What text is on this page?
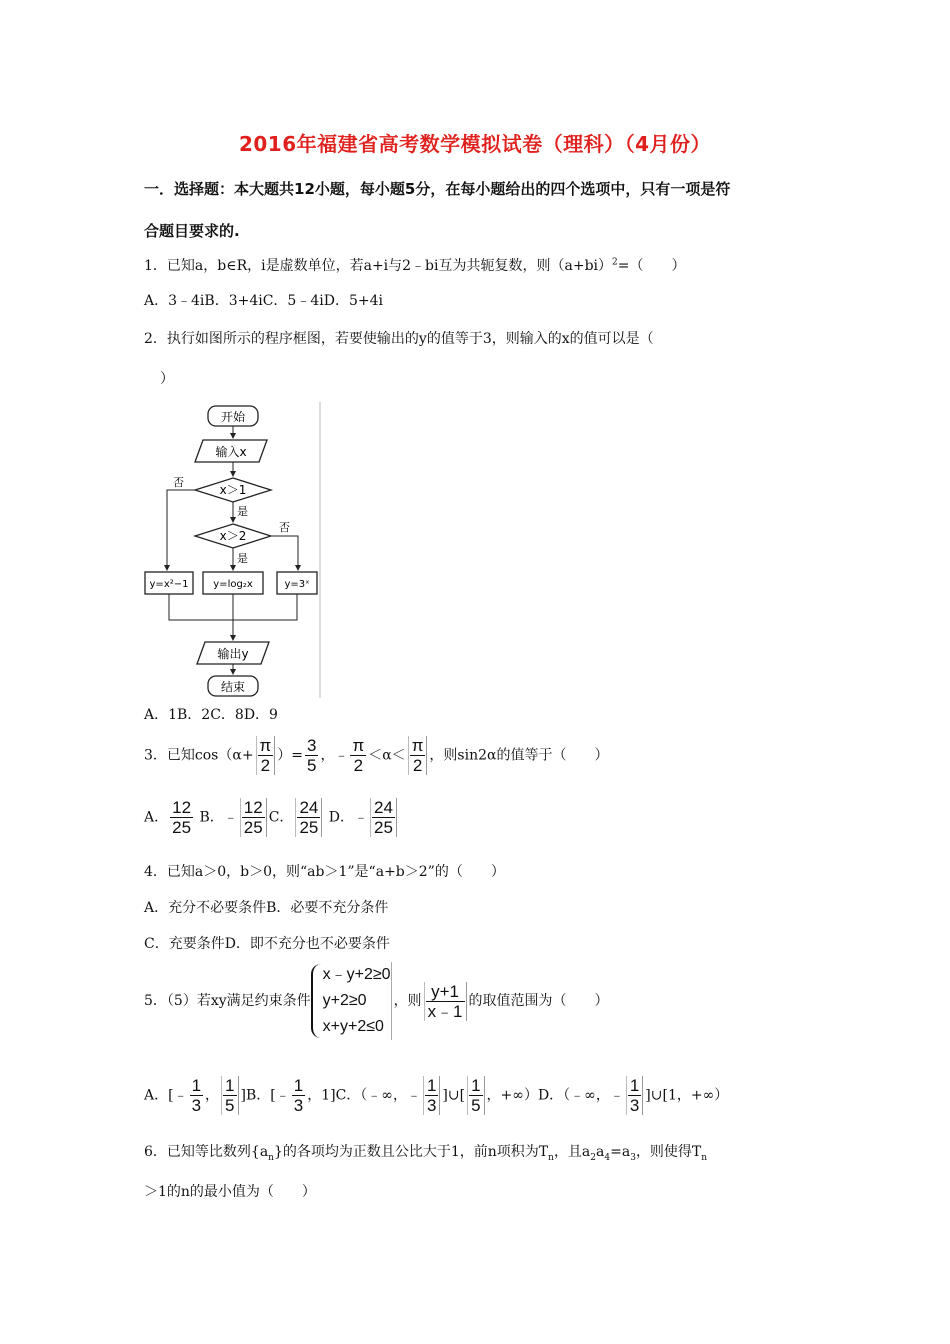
2016年福建省高考数学模拟试卷（理科）（4月份）
一．选择题：本大题共12小题，每小题5分，在每小题给出的四个选项中，只有一项是符
合题目要求的.
1．已知a，b∈R，i是虚数单位，若a+i与2﹣bi互为共轭复数，则$(a+bi)^2=$（　　）
A．3﹣4iB．3+4iC．5﹣4iD．5+4i
2．执行如图所示的程序框图，若要使输出的y的值等于3，则输入的x的值可以是（
）
开始
输入x
x＞1
否
是
x＞2
否
是
y=x²−1 y=log₂x	y=3ˣ
输出y
结束
A．1B．2C．8D．9
3．已知$\cos(\alpha+ \frac{\pi}{2}$ ）= $\frac{3}{5}$ ，﹣ $\frac{\pi}{2} <\alpha< \frac{\pi}{2}$ ，则sin2α的值等于（　　）
A． $\frac{12}{25}$ B．﹣ $\frac{12}{25}$ C． $\frac{24}{25}$ D．﹣ $\frac{24}{25}$
4．已知a＞0，b＞0，则“ab＞1”是“a+b＞2”的（　　）
A．充分不必要条件B．必要不充分条件
C．充要条件D．即不充分也不必要条件
5．（5）若xy满足约束条件
x﹣y+2≥0
y+2≥0
x+y+2≤0
，则 $\frac{y+1}{x﹣1}$ 的取值范围为（　　）
A．[﹣ $\frac{1}{3}$ ， $\frac{1}{5} ]B$．[﹣ $\frac{1}{3}$ ，1]C．（﹣∞，﹣ $\frac{1}{3}$ ]∪[ $\frac{1}{5}$ ，+∞）D．（﹣∞，﹣ $\frac{1}{3}$ ]∪[1，+∞）
6．已知等比数列$\{a_n\}$的各项均为正数且公比大于1，前n项积为$T_n$，且$a_2a_4=a_3$，则使得$T_n$
＞1的n的最小值为（　　）
